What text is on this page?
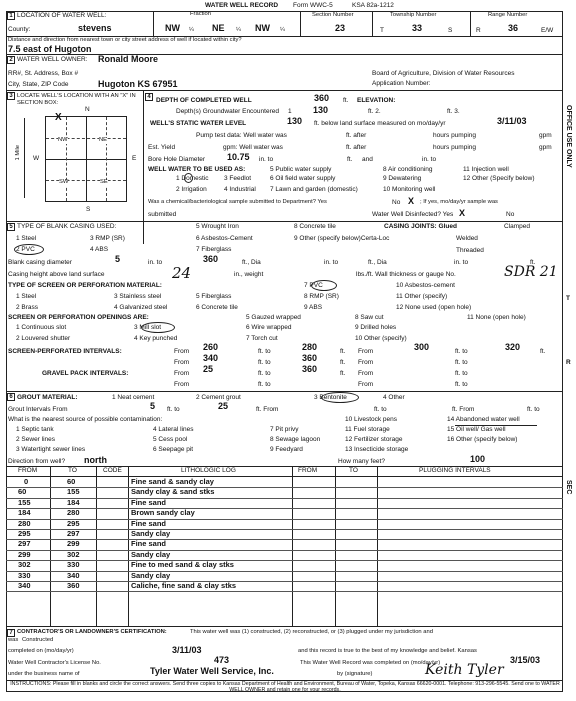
WATER WELL RECORD Form WWC-5	KSA 82a-1212
1 LOCATION OF WATER WELL:	Fraction
County:	stevens	NW ¼ NE ¼ NW ¼
Section Number
23
Township Number
T	33	S
Range Number
R	36	E/W
Distance and direction from nearest town or city street address of well if located within city?
7.5 east of Hugoton
2 WATER WELL OWNER: Ronald Moore
RR#, St. Address, Box #
City, State, ZIP Code	Hugoton KS 67951
Board of Agriculture, Division of Water Resources
Application Number:
3 LOCATE WELL'S LOCATION WITH AN "X" IN SECTION BOX:
N
S
W	E
1 Mile
X
NW	NE
SW	SE
4 DEPTH OF COMPLETED WELL	360 ft. ELEVATION:
Depth(s) Groundwater Encountered 1 130	ft. 2.	ft. 3.
WELL'S STATIC WATER LEVEL	130 ft. below land surface measured on mo/day/yr	3/11/03
Pump test data: Well water was	ft. after	hours pumping	gpm
Est. Yield	gpm: Well water was	ft. after	hours pumping	gpm
Bore Hole Diameter 10.75 in. to	ft. and	in. to
WELL WATER TO BE USED AS:
1 Domestic
2 Irrigation
3 Feedlot
4 Industrial
5 Public water supply
6 Oil field water supply
7 Lawn and garden (domestic)
8 Air conditioning
9 Dewatering
10 Monitoring well
11 Injection well
12 Other (Specify below)
Was a chemical/bacteriological sample submitted to Department? Yes	No X ; If yes, mo/day/yr sample was
submitted	Water Well Disinfected? Yes X	No
5 TYPE OF BLANK CASING USED:
1 Steel
2 PVC
3 RMP (SR)
4 ABS
5 Wrought Iron
6 Asbestos-Cement
7 Fiberglass
8 Concrete tile
9 Other (specify below)Certa-Loc
CASING JOINTS: Glued	Clamped
Welded
Threaded
Blank casing diameter	5	in. to	360	ft., Dia	in. to	ft., Dia	in. to	ft.
Casing height above land surface	24	in., weight	lbs./ft. Wall thickness or gauge No.	SDR 21
TYPE OF SCREEN OR PERFORATION MATERIAL:
1 Steel
2 Brass
3 Stainless steel
4 Galvanized steel
5 Fiberglass
6 Concrete tile
7 PVC
8 RMP (SR)
9 ABS
10 Asbestos-cement
11 Other (specify)
12 None used (open hole)
SCREEN OR PERFORATION OPENINGS ARE:
1 Continuous slot
2 Louvered shutter
3 Mill slot
4 Key punched
5 Gauzed wrapped
6 Wire wrapped
7 Torch cut
8 Saw cut
9 Drilled holes
10 Other (specify)
11 None (open hole)
SCREEN-PERFORATED INTERVALS:	From 260	ft. to	280	ft. From	300	ft. to	320	ft.
From 340	ft. to	360	ft. From	ft. to
GRAVEL PACK INTERVALS:	From 25	ft. to	360	ft. From	ft. to
From	ft. to	From	ft. to
6 GROUT MATERIAL:	1 Neat cement	2 Cement grout	3 Bentonite	4 Other
Grout Intervals From	5 ft. to	25	ft. From	ft. to	ft. From	ft. to
What is the nearest source of possible contamination:
1 Septic tank
2 Sewer lines
3 Watertight sewer lines
4 Lateral lines
5 Cess pool
6 Seepage pit
7 Pit privy
8 Sewage lagoon
9 Feedyard
10 Livestock pens
11 Fuel storage
12 Fertilizer storage
13 Insecticide storage
14 Abandoned water well
15 Oil well/ Gas well
16 Other (specify below)
Direction from well? north	How many feet?	100
FROM	TO	CODE	LITHOLOGIC LOG	FROM	TO	PLUGGING INTERVALS
0	60	Fine sand & sandy clay
60	155	Sandy clay & sand stks
155	184	Fine sand
184	280	Brown sandy clay
280	295	Fine sand
295	297	Sandy clay
297	299	Fine sand
299	302	Sandy clay
302	330	Fine to med sand & clay stks
330	340	Sandy clay
340	360	Caliche, fine sand & clay stks
7 CONTRACTOR'S OR LANDOWNER'S CERTIFICATION:	This water well was (1) constructed, (2) reconstructed, or (3) plugged under my jurisdiction and
was Constructed
completed on (mo/day/yr)	3/11/03	and this record is true to the best of my knowledge and belief. Kansas
Water Well Contractor's License No.	473	This Water Well Record was completed on (mo/day/yr)	3/15/03
under the business name of	Tyler Water Well Service, Inc.	by (signature)	Keith Tyler
INSTRUCTIONS: Please fill in blanks and circle the correct answers. Send three copies to Kansas Department of Health and Environment, Bureau of Water, Topeka, Kansas 66620-0001. Telephone: 913-296-5545. Send one to WATER WELL OWNER and retain one for your records.
OFFICE USE ONLY
T
R
SEC
